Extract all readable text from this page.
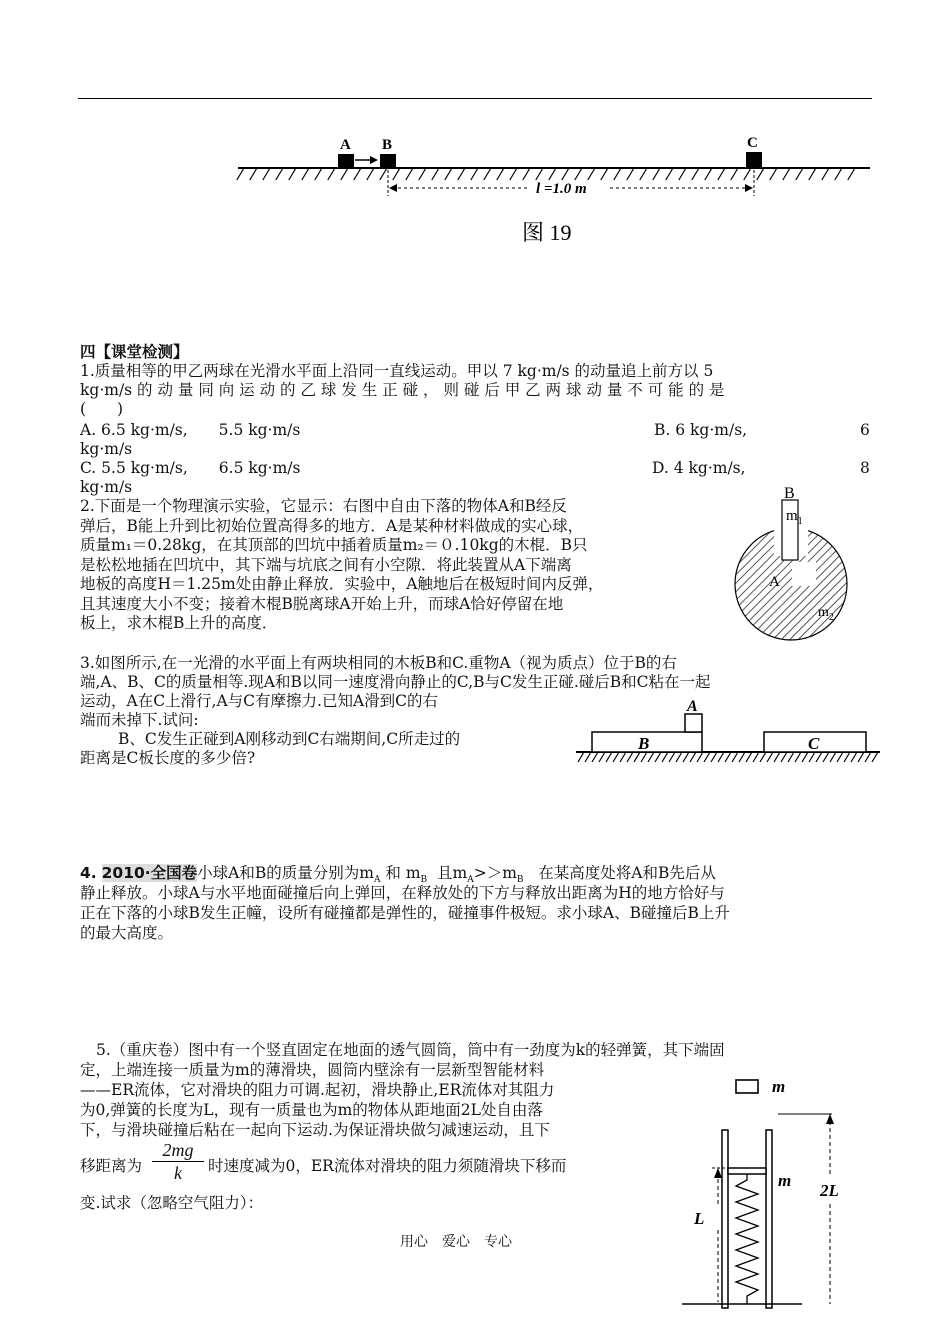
A B	C
l =1.0 m
图 19
四【课堂检测】
1.质量相等的甲乙两球在光滑水平面上沿同一直线运动。甲以 7 kg·m/s 的动量追上前方以 5
kg·m/s 的 动 量 同 向 运 动 的 乙 球 发 生 正 碰 ， 则 碰 后 甲 乙 两 球 动 量 不 可 能 的 是
(　　)
A. 6.5 kg·m/s,　　5.5 kg·m/s	B. 6 kg·m/s,	6
kg·m/s
C. 5.5 kg·m/s,　　6.5 kg·m/s	D. 4 kg·m/s,	8
kg·m/s
2.下面是一个物理演示实验，它显示：右图中自由下落的物体A和B经反
弹后，B能上升到比初始位置高得多的地方．A是某种材料做成的实心球，
质量m₁＝0.28kg，在其顶部的凹坑中插着质量m₂＝０.10kg的木棍．B只
是松松地插在凹坑中，其下端与坑底之间有小空隙．将此装置从A下端离
地板的高度H＝1.25m处由静止释放．实验中，A触地后在极短时间内反弹，
且其速度大小不变；接着木棍B脱离球A开始上升，而球A恰好停留在地
板上，求木棍B上升的高度．
B
$m_1$
A
$m_2$
3.如图所示,在一光滑的水平面上有两块相同的木板B和C.重物A（视为质点）位于B的右
端,A、B、C的质量相等.现A和B以同一速度滑向静止的C,B与C发生正碰.碰后B和C粘在一起
运动，A在C上滑行,A与C有摩擦力.已知A滑到C的右
端而未掉下.试问:
B、C发生正碰到A刚移动到C右端期间,C所走过的
距离是C板长度的多少倍?
A
B	C
4. 2010·全国卷小球A和B的质量分别为$m_A$ 和 $m_B$ 且$m_A>>m_B$ 在某高度处将A和B先后从
静止释放。小球A与水平地面碰撞后向上弹回，在释放处的下方与释放出距离为H的地方恰好与
正在下落的小球B发生正幢，设所有碰撞都是弹性的，碰撞事件极短。求小球A、B碰撞后B上升
的最大高度。
5.（重庆卷）图中有一个竖直固定在地面的透气圆筒，筒中有一劲度为k的轻弹簧，其下端固
定，上端连接一质量为m的薄滑块，圆筒内壁涂有一层新型智能材料
——ER流体，它对滑块的阻力可调.起初，滑块静止,ER流体对其阻力
为0,弹簧的长度为L，现有一质量也为m的物体从距地面2L处自由落
下，与滑块碰撞后粘在一起向下运动.为保证滑块做匀减速运动，且下
移距离为
2mg
k	时速度减为0，ER流体对滑块的阻力须随滑块下移而
变.试求（忽略空气阻力）：
m
2L
m
L
用心　爱心　专心
